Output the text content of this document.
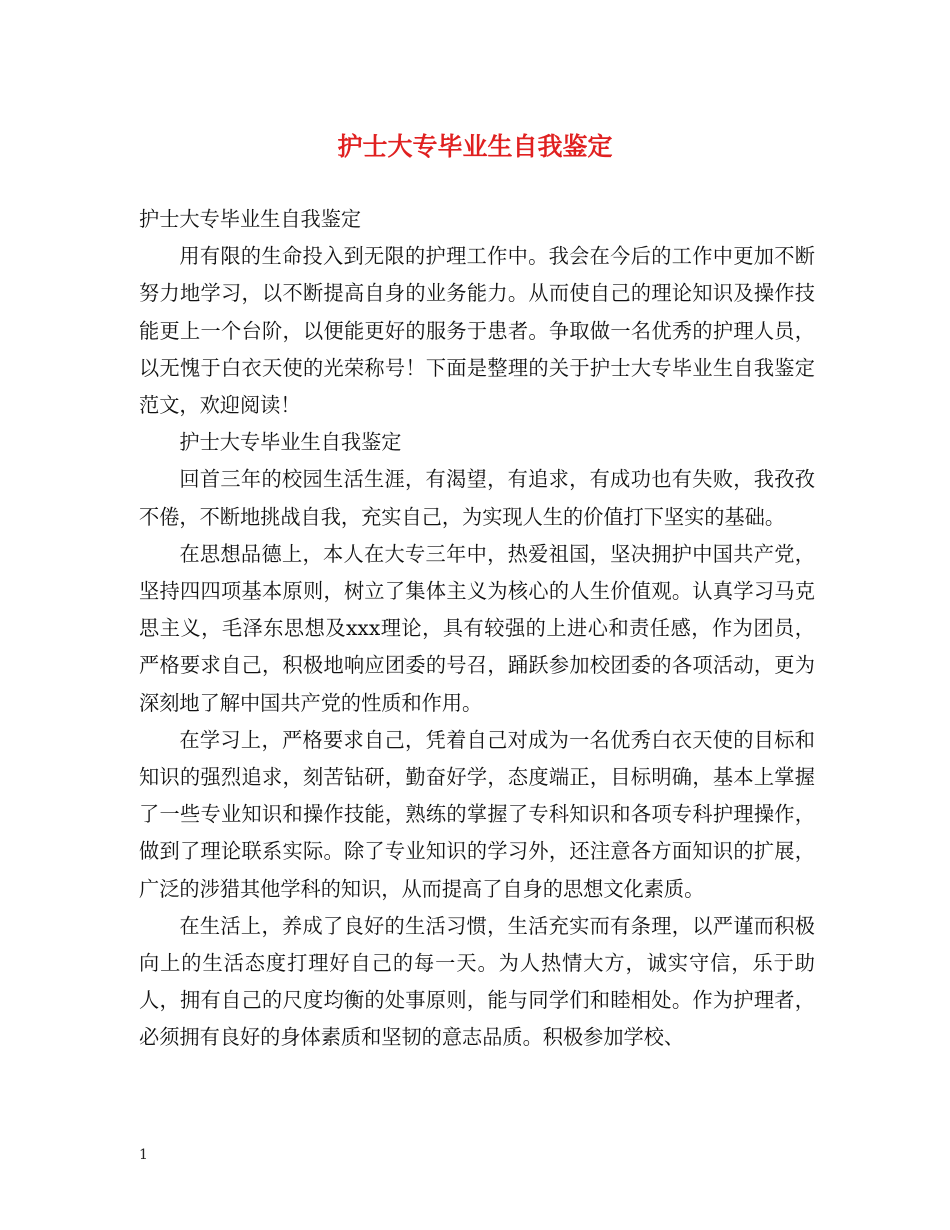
护士大专毕业生自我鉴定

护士大专毕业生自我鉴定

用有限的生命投入到无限的护理工作中。我会在今后的工作中更加不断努力地学习，以不断提高自身的业务能力。从而使自己的理论知识及操作技能更上一个台阶，以便能更好的服务于患者。争取做一名优秀的护理人员，以无愧于白衣天使的光荣称号！下面是整理的关于护士大专毕业生自我鉴定范文，欢迎阅读！

护士大专毕业生自我鉴定

回首三年的校园生活生涯，有渴望，有追求，有成功也有失败，我孜孜不倦，不断地挑战自我，充实自己，为实现人生的价值打下坚实的基础。

在思想品德上，本人在大专三年中，热爱祖国，坚决拥护中国共产党，坚持四四项基本原则，树立了集体主义为核心的人生价值观。认真学习马克思主义，毛泽东思想及xxx理论，具有较强的上进心和责任感，作为团员，严格要求自己，积极地响应团委的号召，踊跃参加校团委的各项活动，更为深刻地了解中国共产党的性质和作用。

在学习上，严格要求自己，凭着自己对成为一名优秀白衣天使的目标和知识的强烈追求，刻苦钻研，勤奋好学，态度端正，目标明确，基本上掌握了一些专业知识和操作技能，熟练的掌握了专科知识和各项专科护理操作，做到了理论联系实际。除了专业知识的学习外，还注意各方面知识的扩展，广泛的涉猎其他学科的知识，从而提高了自身的思想文化素质。

在生活上，养成了良好的生活习惯，生活充实而有条理，以严谨而积极向上的生活态度打理好自己的每一天。为人热情大方，诚实守信，乐于助人，拥有自己的尺度均衡的处事原则，能与同学们和睦相处。作为护理者，必须拥有良好的身体素质和坚韧的意志品质。积极参加学校、

1
